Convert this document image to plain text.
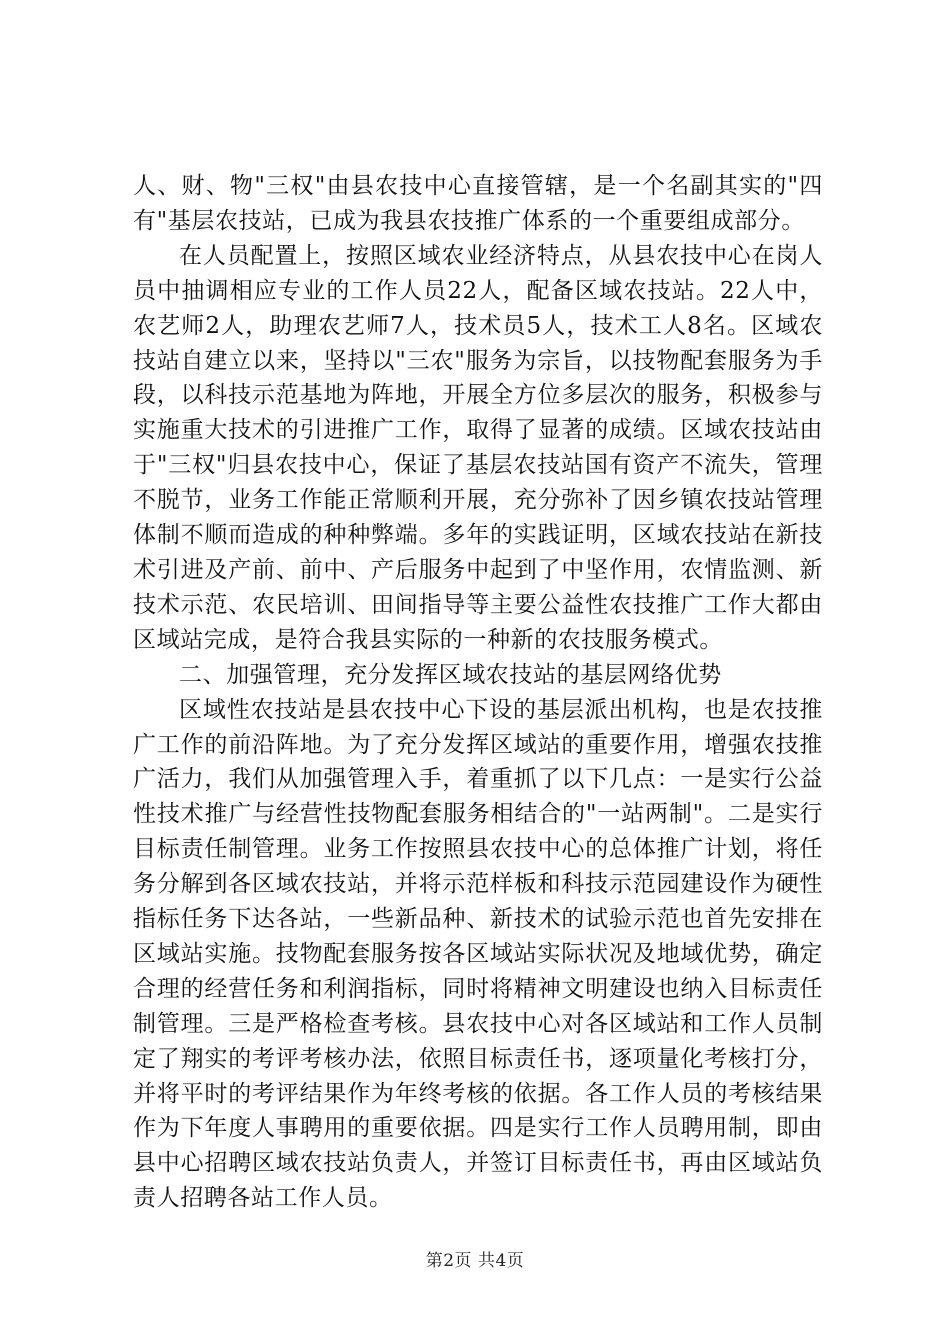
人、财、物"三权"由县农技中心直接管辖，是一个名副其实的"四有"基层农技站，已成为我县农技推广体系的一个重要组成部分。

在人员配置上，按照区域农业经济特点，从县农技中心在岗人员中抽调相应专业的工作人员22人，配备区域农技站。22人中，农艺师2人，助理农艺师7人，技术员5人，技术工人8名。区域农技站自建立以来，坚持以"三农"服务为宗旨，以技物配套服务为手段，以科技示范基地为阵地，开展全方位多层次的服务，积极参与实施重大技术的引进推广工作，取得了显著的成绩。区域农技站由于"三权"归县农技中心，保证了基层农技站国有资产不流失，管理不脱节，业务工作能正常顺利开展，充分弥补了因乡镇农技站管理体制不顺而造成的种种弊端。多年的实践证明，区域农技站在新技术引进及产前、前中、产后服务中起到了中坚作用，农情监测、新技术示范、农民培训、田间指导等主要公益性农技推广工作大都由区域站完成，是符合我县实际的一种新的农技服务模式。

二、加强管理，充分发挥区域农技站的基层网络优势

区域性农技站是县农技中心下设的基层派出机构，也是农技推广工作的前沿阵地。为了充分发挥区域站的重要作用，增强农技推广活力，我们从加强管理入手，着重抓了以下几点：一是实行公益性技术推广与经营性技物配套服务相结合的"一站两制"。二是实行目标责任制管理。业务工作按照县农技中心的总体推广计划，将任务分解到各区域农技站，并将示范样板和科技示范园建设作为硬性指标任务下达各站，一些新品种、新技术的试验示范也首先安排在区域站实施。技物配套服务按各区域站实际状况及地域优势，确定合理的经营任务和利润指标，同时将精神文明建设也纳入目标责任制管理。三是严格检查考核。县农技中心对各区域站和工作人员制定了翔实的考评考核办法，依照目标责任书，逐项量化考核打分，并将平时的考评结果作为年终考核的依据。各工作人员的考核结果作为下年度人事聘用的重要依据。四是实行工作人员聘用制，即由县中心招聘区域农技站负责人，并签订目标责任书，再由区域站负责人招聘各站工作人员。

第2页 共4页
